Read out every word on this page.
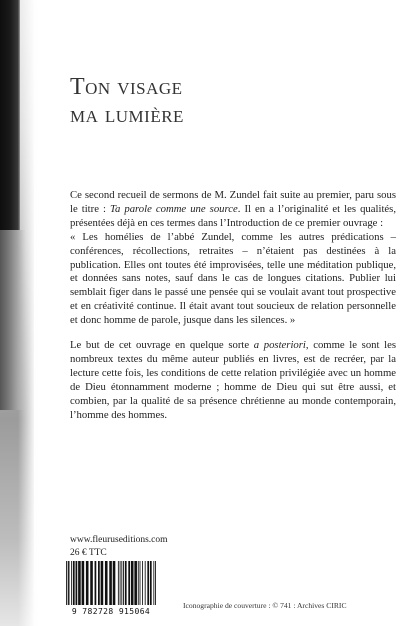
Ton visage
ma lumière

Ce second recueil de sermons de M. Zundel fait suite au premier, paru sous le titre : Ta parole comme une source. Il en a l’originalité et les qualités, présentées déjà en ces termes dans l’Introduction de ce premier ouvrage :
« Les homélies de l’abbé Zundel, comme les autres prédications – conférences, récollections, retraites – n’étaient pas destinées à la publication. Elles ont toutes été improvisées, telle une méditation publique, et données sans notes, sauf dans le cas de longues citations. Publier lui semblait figer dans le passé une pensée qui se voulait avant tout prospective et en créativité continue. Il était avant tout soucieux de relation personnelle et donc homme de parole, jusque dans les silences. »

Le but de cet ouvrage en quelque sorte a posteriori, comme le sont les nombreux textes du même auteur publiés en livres, est de recréer, par la lecture cette fois, les conditions de cette relation privilégiée avec un homme de Dieu étonnamment moderne ; homme de Dieu qui sut être aussi, et combien, par la qualité de sa présence chrétienne au monde contemporain, l’homme des hommes.

www.fleuruseditions.com
26 € TTC
9 782728 915064
Iconographie de couverture : © 741 : Archives CIRIC
